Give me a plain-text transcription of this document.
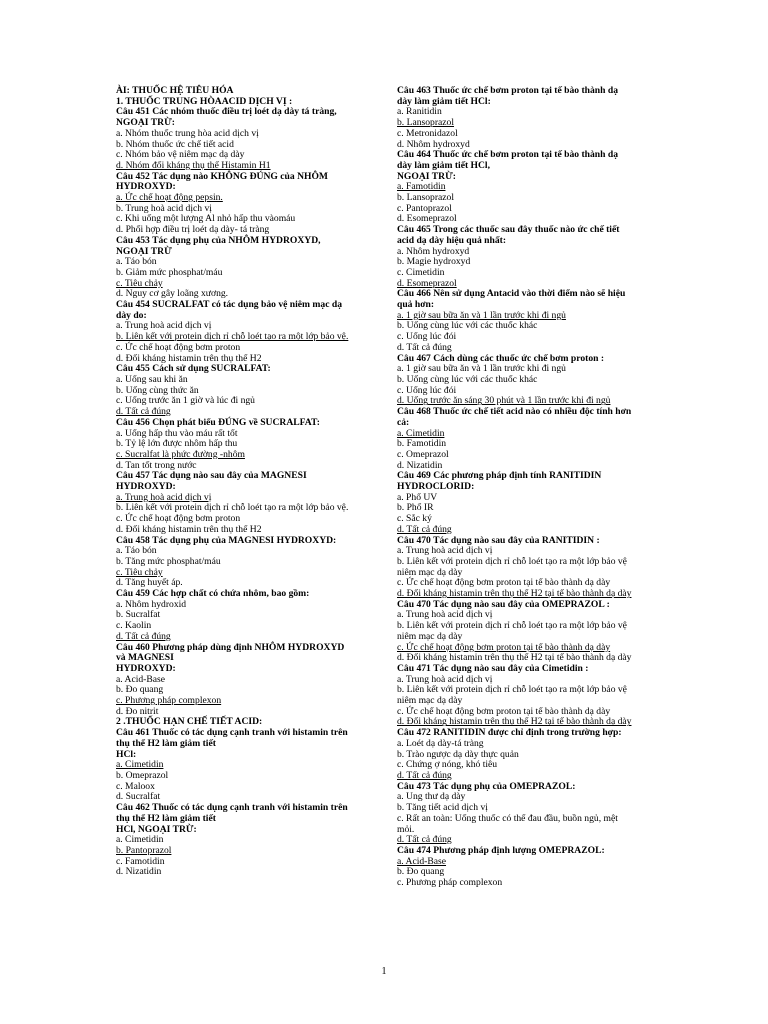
ÀI: THUỐC HỆ TIÊU HÓA
1. THUỐC TRUNG HÒAACID DỊCH VỊ :
Câu 451 Các nhóm thuốc điều trị loét dạ dày tá tràng,
NGOẠI TRỪ:
a. Nhóm thuốc trung hòa acid dịch vị
b. Nhóm thuốc ức chế tiết acid
c. Nhóm bảo vệ niêm mạc dạ dày
d. Nhóm đối kháng thụ thể Histamin H1
Câu 452 Tác dụng nào KHÔNG ĐÚNG của NHÔM
HYDROXYD:
a. Ức chế hoạt động pepsin.
b. Trung hoà acid dịch vị
c. Khi uống một lượng Al nhỏ hấp thu vàomáu
d. Phối hợp điều trị loét dạ dày- tá tràng
Câu 453 Tác dụng phụ của NHÔM HYDROXYD,
NGOẠI TRỪ
a. Táo bón
b. Giảm mức phosphat/máu
c. Tiêu chảy
d. Nguy cơ gây loãng xương.
Câu 454 SUCRALFAT có tác dụng bảo vệ niêm mạc dạ
dày do:
a. Trung hoà acid dịch vị
b. Liên kết với protein dịch rỉ chỗ loét tạo ra một lớp bảo vệ.
c. Ức chế hoạt động bơm proton
d. Đối kháng histamin trên thụ thể H2
Câu 455 Cách sử dụng SUCRALFAT:
a. Uống sau khi ăn
b. Uống cùng thức ăn
c. Uống trước ăn 1 giờ và lúc đi ngủ
d. Tất cả đúng
Câu 456 Chọn phát biểu ĐÚNG về SUCRALFAT:
a. Uống hấp thu vào máu rất tốt
b. Tỷ lệ lớn được nhôm hấp thu
c. Sucralfat là phức đường -nhôm
d. Tan tốt trong nước
Câu 457 Tác dụng nào sau đây của MAGNESI
HYDROXYD:
a. Trung hoà acid dịch vị
b. Liên kết với protein dịch rỉ chỗ loét tạo ra một lớp bảo vệ.
c. Ức chế hoạt động bơm proton
d. Đối kháng histamin trên thụ thể H2
Câu 458 Tác dụng phụ của MAGNESI HYDROXYD:
a. Táo bón
b. Tăng mức phosphat/máu
c. Tiêu chảy
d. Tăng huyết áp.
Câu 459 Các hợp chất có chứa nhôm, bao gồm:
a. Nhôm hydroxid
b. Sucralfat
c. Kaolin
d. Tất cả đúng
Câu 460 Phương pháp dùng định NHÔM HYDROXYD
và MAGNESI
HYDROXYD:
a. Acid-Base
b. Đo quang
c. Phương pháp complexon
d. Đo nitrit
2 .THUỐC HẠN CHẾ TIẾT ACID:
Câu 461 Thuốc có tác dụng cạnh tranh với histamin trên
thụ thể H2 làm giảm tiết
HCl:
a. Cimetidin
b. Omeprazol
c. Maloox
d. Sucralfat
Câu 462 Thuốc có tác dụng cạnh tranh với histamin trên
thụ thể H2 làm giảm tiết
HCl, NGOẠI TRỪ:
a. Cimetidin
b. Pantoprazol
c. Famotidin
d. Nizatidin
Câu 463 Thuốc ức chế bơm proton tại tế bào thành dạ
dày làm giảm tiết HCl:
a. Ranitidin
b. Lansoprazol
c. Metronidazol
d. Nhôm hydroxyd
Câu 464 Thuốc ức chế bơm proton tại tế bào thành dạ
dày làm giảm tiết HCl,
NGOẠI TRỪ:
a. Famotidin
b. Lansoprazol
c. Pantoprazol
d. Esomeprazol
Câu 465 Trong các thuốc sau đây thuốc nào ức chế tiết
acid dạ dày hiệu quả nhất:
a. Nhôm hydroxyd
b. Magie hydroxyd
c. Cimetidin
d. Esomeprazol
Câu 466 Nên sử dụng Antacid vào thời điểm nào sẽ hiệu
quả hơn:
a. 1 giờ sau bữa ăn và 1 lần trước khi đi ngủ
b. Uống cùng lúc với các thuốc khác
c. Uống lúc đói
d. Tất cả đúng
Câu 467 Cách dùng các thuốc ức chế bơm proton :
a. 1 giờ sau bữa ăn và 1 lần trước khi đi ngủ
b. Uống cùng lúc với các thuốc khác
c. Uống lúc đói
d. Uống trước ăn sáng 30 phút và 1 lần trước khi đi ngủ
Câu 468 Thuốc ức chế tiết acid nào có nhiều độc tính hơn
cả:
a. Cimetidin
b. Famotidin
c. Omeprazol
d. Nizatidin
Câu 469 Các phương pháp định tính RANITIDIN
HYDROCLORID:
a. Phổ UV
b. Phổ IR
c. Sắc ký
d. Tất cả đúng
Câu 470 Tác dụng nào sau đây của RANITIDIN :
a. Trung hoà acid dịch vị
b. Liên kết với protein dịch rỉ chỗ loét tạo ra một lớp bảo vệ
niêm mạc dạ dày
c. Ức chế hoạt động bơm proton tại tế bào thành dạ dày
d. Đối kháng histamin trên thụ thể H2 tại tế bào thành dạ dày
Câu 470 Tác dụng nào sau đây của OMEPRAZOL :
a. Trung hoà acid dịch vị
b. Liên kết với protein dịch rỉ chỗ loét tạo ra một lớp bảo vệ
niêm mạc dạ dày
c. Ức chế hoạt động bơm proton tại tế bào thành dạ dày
d. Đối kháng histamin trên thụ thể H2 tại tế bào thành dạ dày
Câu 471 Tác dụng nào sau đây của Cimetidin :
a. Trung hoà acid dịch vị
b. Liên kết với protein dịch rỉ chỗ loét tạo ra một lớp bảo vệ
niêm mạc dạ dày
c. Ức chế hoạt động bơm proton tại tế bào thành dạ dày
d. Đối kháng histamin trên thụ thể H2 tại tế bào thành dạ dày
Câu 472 RANITIDIN được chỉ định trong trường hợp:
a. Loét dạ dày-tá tràng
b. Trào ngược dạ dày thực quản
c. Chứng ợ nóng, khó tiêu
d. Tất cả đúng
Câu 473 Tác dụng phụ của OMEPRAZOL:
a. Ung thư dạ dày
b. Tăng tiết acid dịch vị
c. Rất an toàn: Uống thuốc có thể đau đầu, buồn ngủ, mệt
mỏi.
d. Tất cả đúng
Câu 474 Phương pháp định lượng OMEPRAZOL:
a. Acid-Base
b. Đo quang
c. Phương pháp complexon
1
